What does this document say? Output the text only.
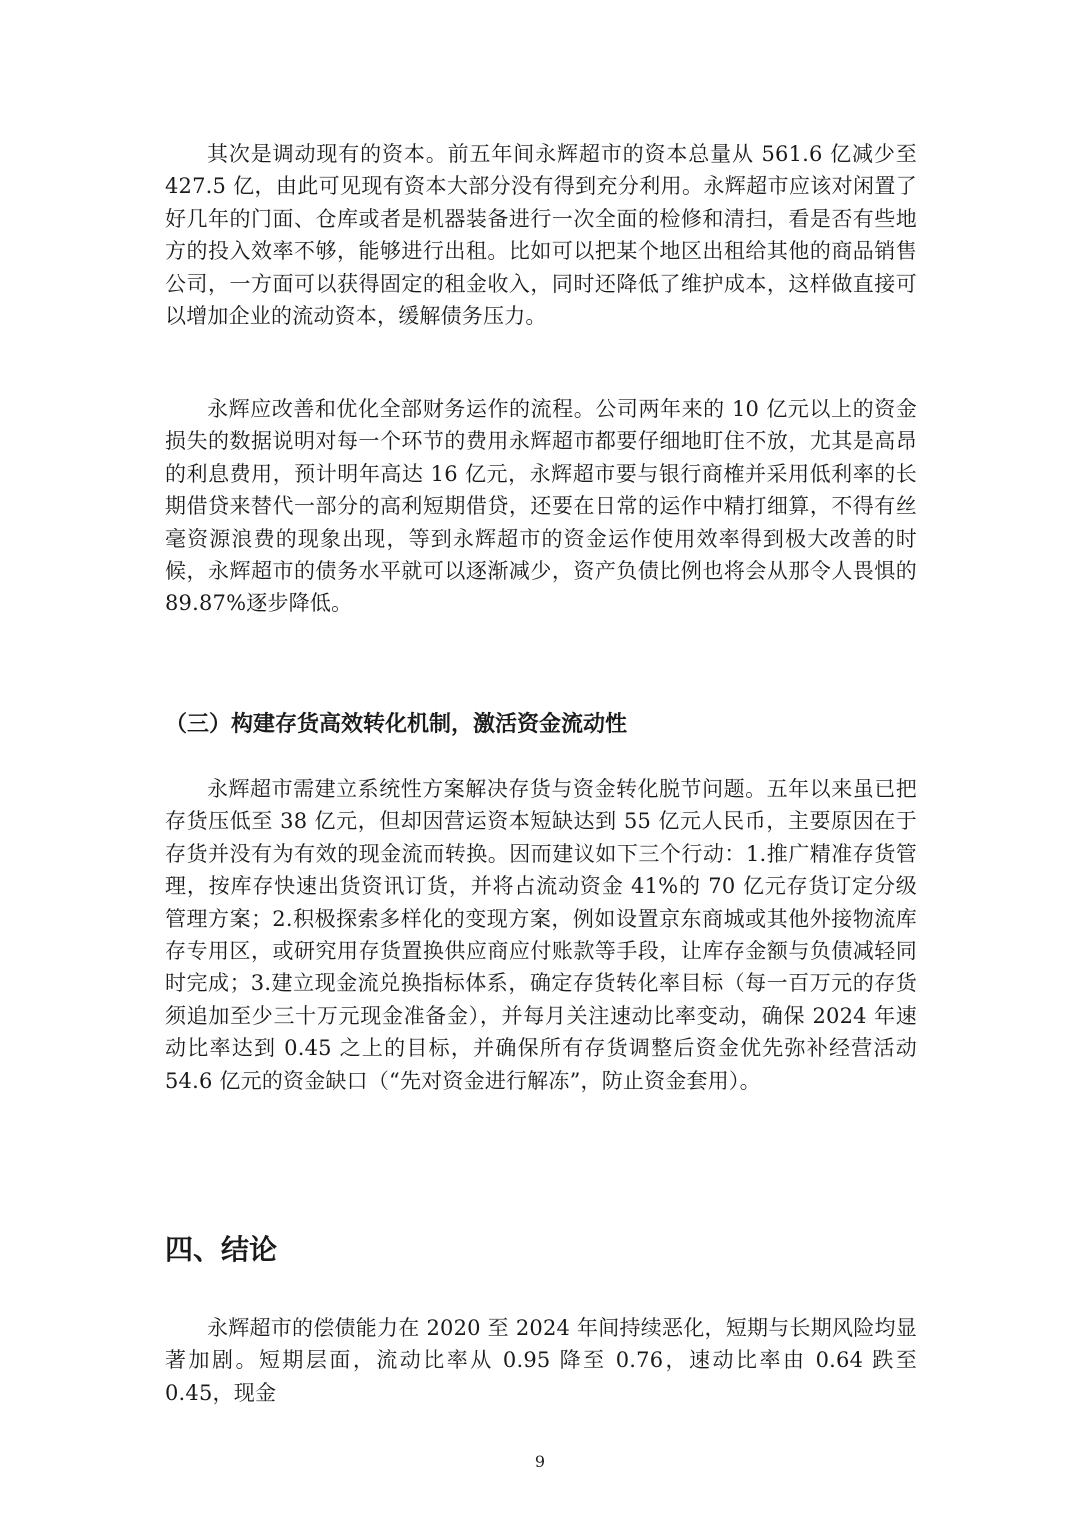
其次是调动现有的资本。前五年间永辉超市的资本总量从 561.6 亿减少至 427.5 亿，由此可见现有资本大部分没有得到充分利用。永辉超市应该对闲置了好几年的门面、仓库或者是机器装备进行一次全面的检修和清扫，看是否有些地方的投入效率不够，能够进行出租。比如可以把某个地区出租给其他的商品销售公司，一方面可以获得固定的租金收入，同时还降低了维护成本，这样做直接可以增加企业的流动资本，缓解债务压力。

永辉应改善和优化全部财务运作的流程。公司两年来的 10 亿元以上的资金损失的数据说明对每一个环节的费用永辉超市都要仔细地盯住不放，尤其是高昂的利息费用，预计明年高达 16 亿元，永辉超市要与银行商榷并采用低利率的长期借贷来替代一部分的高利短期借贷，还要在日常的运作中精打细算，不得有丝毫资源浪费的现象出现，等到永辉超市的资金运作使用效率得到极大改善的时候，永辉超市的债务水平就可以逐渐减少，资产负债比例也将会从那令人畏惧的 89.87%逐步降低。

（三）构建存货高效转化机制，激活资金流动性

永辉超市需建立系统性方案解决存货与资金转化脱节问题。五年以来虽已把存货压低至 38 亿元，但却因营运资本短缺达到 55 亿元人民币，主要原因在于存货并没有为有效的现金流而转换。因而建议如下三个行动：1.推广精准存货管理，按库存快速出货资讯订货，并将占流动资金 41%的 70 亿元存货订定分级管理方案；2.积极探索多样化的变现方案，例如设置京东商城或其他外接物流库存专用区，或研究用存货置换供应商应付账款等手段，让库存金额与负债减轻同时完成；3.建立现金流兑换指标体系，确定存货转化率目标（每一百万元的存货须追加至少三十万元现金准备金），并每月关注速动比率变动，确保 2024 年速动比率达到 0.45 之上的目标，并确保所有存货调整后资金优先弥补经营活动 54.6 亿元的资金缺口（“先对资金进行解冻”，防止资金套用）。

四、结论

永辉超市的偿债能力在 2020 至 2024 年间持续恶化，短期与长期风险均显著加剧。短期层面，流动比率从 0.95 降至 0.76，速动比率由 0.64 跌至 0.45，现金

9
